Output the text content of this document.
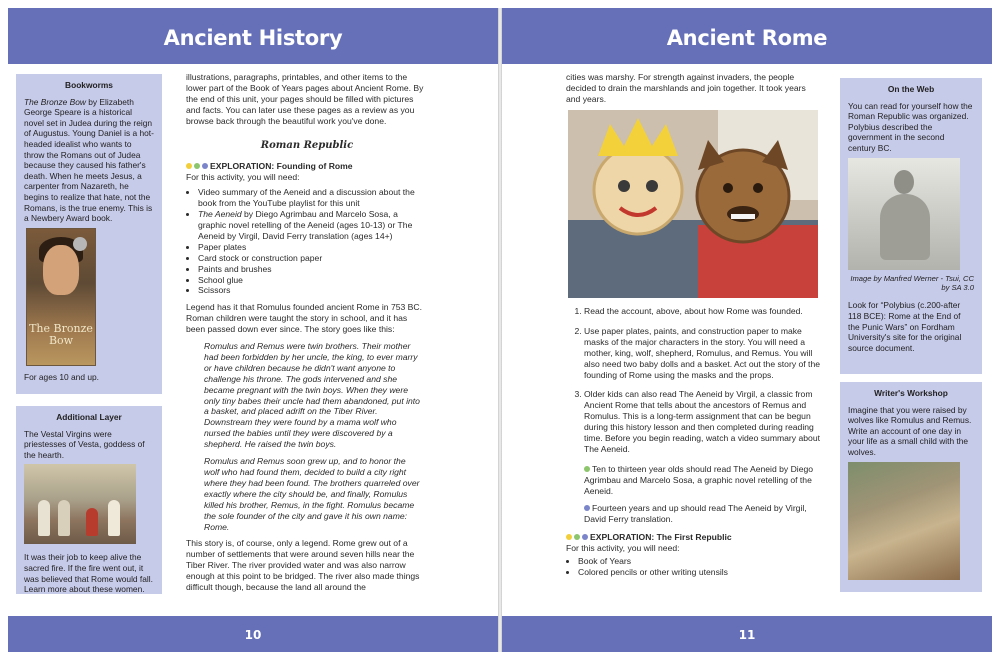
Ancient History
Bookworms

The Bronze Bow by Elizabeth George Speare is a historical novel set in Judea during the reign of Augustus. Young Daniel is a hot-headed idealist who wants to throw the Romans out of Judea because they caused his father's death. When he meets Jesus, a carpenter from Nazareth, he begins to realize that hate, not the Romans, is the true enemy. This is a Newbery Award book.

The Bronze Bow

For ages 10 and up.

Additional Layer

The Vestal Virgins were priestesses of Vesta, goddess of the hearth.

It was their job to keep alive the sacred fire. If the fire went out, it was believed that Rome would fall. Learn more about these women.

illustrations, paragraphs, printables, and other items to the lower part of the Book of Years pages about Ancient Rome. By the end of this unit, your pages should be filled with pictures and facts. You can later use these pages as a review as you browse back through the beautiful work you've done.

Roman Republic
EXPLORATION: Founding of Rome
For this activity, you will need:
• Video summary of the Aeneid and a discussion about the book from the YouTube playlist for this unit
• The Aeneid by Diego Agrimbau and Marcelo Sosa, a graphic novel retelling of the Aeneid (ages 10-13) or The Aeneid by Virgil, David Ferry translation (ages 14+)
• Paper plates
• Card stock or construction paper
• Paints and brushes
• School glue
• Scissors

Legend has it that Romulus founded ancient Rome in 753 BC. Roman children were taught the story in school, and it has been passed down ever since. The story goes like this:

Romulus and Remus were twin brothers. Their mother had been forbidden by her uncle, the king, to ever marry or have children because he didn't want anyone to challenge his throne. The gods intervened and she became pregnant with the twin boys. When they were only tiny babes their uncle had them abandoned, put into a basket, and placed adrift on the Tiber River. Downstream they were found by a mama wolf who nursed the babies until they were discovered by a shepherd. He raised the twin boys.

Romulus and Remus soon grew up, and to honor the wolf who had found them, decided to build a city right where they had been found. The brothers quarreled over exactly where the city should be, and finally, Romulus killed his brother, Remus, in the fight. Romulus became the sole founder of the city and gave it his own name: Rome.

This story is, of course, only a legend. Rome grew out of a number of settlements that were around seven hills near the Tiber River. The river provided water and was also narrow enough at this point to be bridged. The river also made things difficult though, because the land all around the

10
Ancient Rome

cities was marshy. For strength against invaders, the people decided to drain the marshlands and join together. It took years and years.

1. Read the account, above, about how Rome was founded.
2. Use paper plates, paints, and construction paper to make masks of the major characters in the story. You will need a mother, king, wolf, shepherd, Romulus, and Remus. You will also need two baby dolls and a basket. Act out the story of the founding of Rome using the masks and the props.
3. Older kids can also read The Aeneid by Virgil, a classic from Ancient Rome that tells about the ancestors of Remus and Romulus. This is a long-term assignment that can be begun during this history lesson and then completed during reading time. Before you begin reading, watch a video summary about The Aeneid.

Ten to thirteen year olds should read The Aeneid by Diego Agrimbau and Marcelo Sosa, a graphic novel retelling of the Aeneid.

Fourteen years and up should read The Aeneid by Virgil, David Ferry translation.

EXPLORATION: The First Republic
For this activity, you will need:
• Book of Years
• Colored pencils or other writing utensils
On the Web

You can read for yourself how the Roman Republic was organized. Polybius described the government in the second century BC.

Image by Manfred Werner - Tsui, CC by SA 3.0

Look for “Polybius (c.200-after 118 BCE): Rome at the End of the Punic Wars” on Fordham University's site for the original source document.

Writer's Workshop

Imagine that you were raised by wolves like Romulus and Remus. Write an account of one day in your life as a small child with the wolves.

11
